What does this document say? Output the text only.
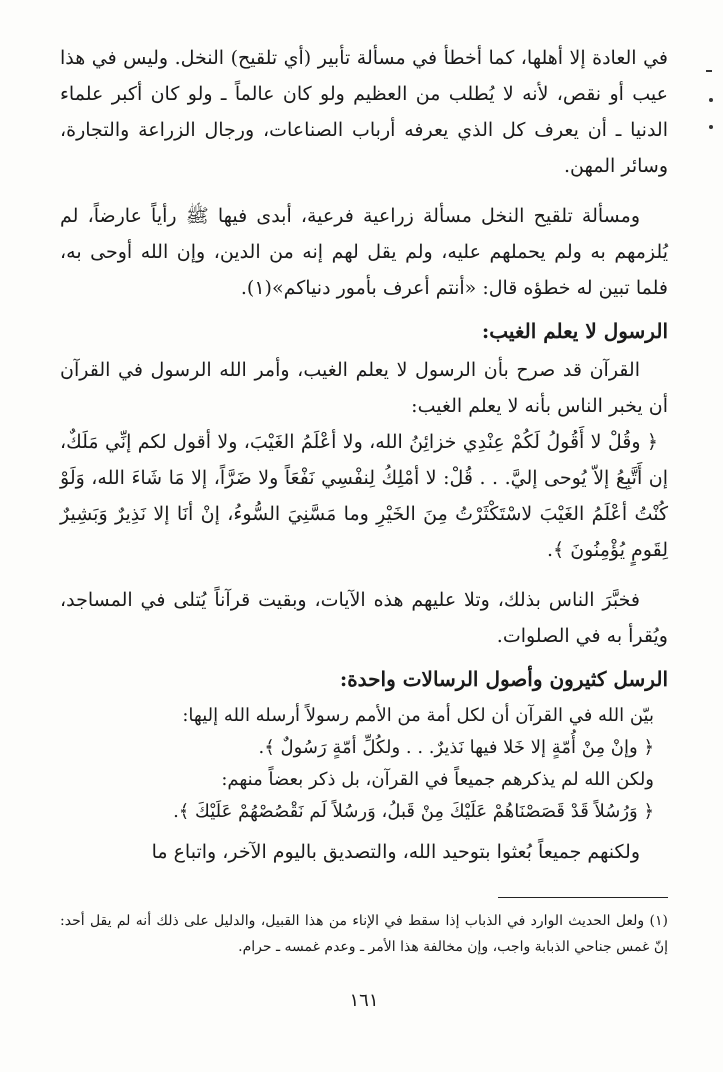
في العادة إلا أهلها، كما أخطأ في مسألة تأبير (أي تلقيح) النخل. وليس في هذا عيب أو نقص، لأنه لا يُطلب من العظيم ولو كان عالماً ـ ولو كان أكبر علماء الدنيا ـ أن يعرف كل الذي يعرفه أرباب الصناعات، ورجال الزراعة والتجارة، وسائر المهن.

ومسألة تلقيح النخل مسألة زراعية فرعية، أبدى فيها ﷺ رأياً عارضاً، لم يُلزمهم به ولم يحملهم عليه، ولم يقل لهم إنه من الدين، وإن الله أوحى به، فلما تبين له خطؤه قال: «أنتم أعرف بأمور دنياكم»(١).

الرسول لا يعلم الغيب:

القرآن قد صرح بأن الرسول لا يعلم الغيب، وأمر الله الرسول في القرآن أن يخبر الناس بأنه لا يعلم الغيب:

﴿ وقُلْ لا أَقُولُ لَكُمْ عِنْدِي خزائِنُ الله، ولا أعْلَمُ الغَيْبَ، ولا أقول لكم إنِّي مَلَكٌ، إن أَتَّبِعُ إلاّ يُوحى إليَّ. . . قُلْ: لا أمْلِكُ لِنفْسِي نَفْعَاً ولا ضَرَّاً، إلا مَا شَاءَ الله، وَلَوْ كُنْتُ أعْلَمُ الغَيْبَ لاسْتَكْثَرْتُ مِنَ الخَيْرِ وما مَسَّنِيَ السُّوءُ، إنْ أنَا إلا نَذِيرٌ وَبَشِيرٌ لِقَومٍ يُؤْمِنُونَ ﴾.

فخبَّرَ الناس بذلك، وتلا عليهم هذه الآيات، وبقيت قرآناً يُتلى في المساجد، ويُقرأ به في الصلوات.

الرسل كثيرون وأصول الرسالات واحدة:

بيّن الله في القرآن أن لكل أمة من الأمم رسولاً أرسله الله إليها:

﴿ وإنْ مِنْ أُمّةٍ إلا خَلا فيها نَذيرٌ. . . ولكُلِّ أمّةٍ رَسُولٌ ﴾.

ولكن الله لم يذكرهم جميعاً في القرآن، بل ذكر بعضاً منهم:

﴿ وَرُسُلاً قَدْ قَصَصْنَاهُمْ عَلَيْكَ مِنْ قَبلُ، وَرسُلاً لَم نَقْصُصْهُمْ عَلَيْكَ ﴾.

ولكنهم جميعاً بُعثوا بتوحيد الله، والتصديق باليوم الآخر، واتباع ما

(١) ولعل الحديث الوارد في الذباب إذا سقط في الإناء من هذا القبيل، والدليل على ذلك أنه لم يقل أحد: إنّ غمس جناحي الذبابة واجب، وإن مخالفة هذا الأمر ـ وعدم غمسه ـ حرام.
١٦١
